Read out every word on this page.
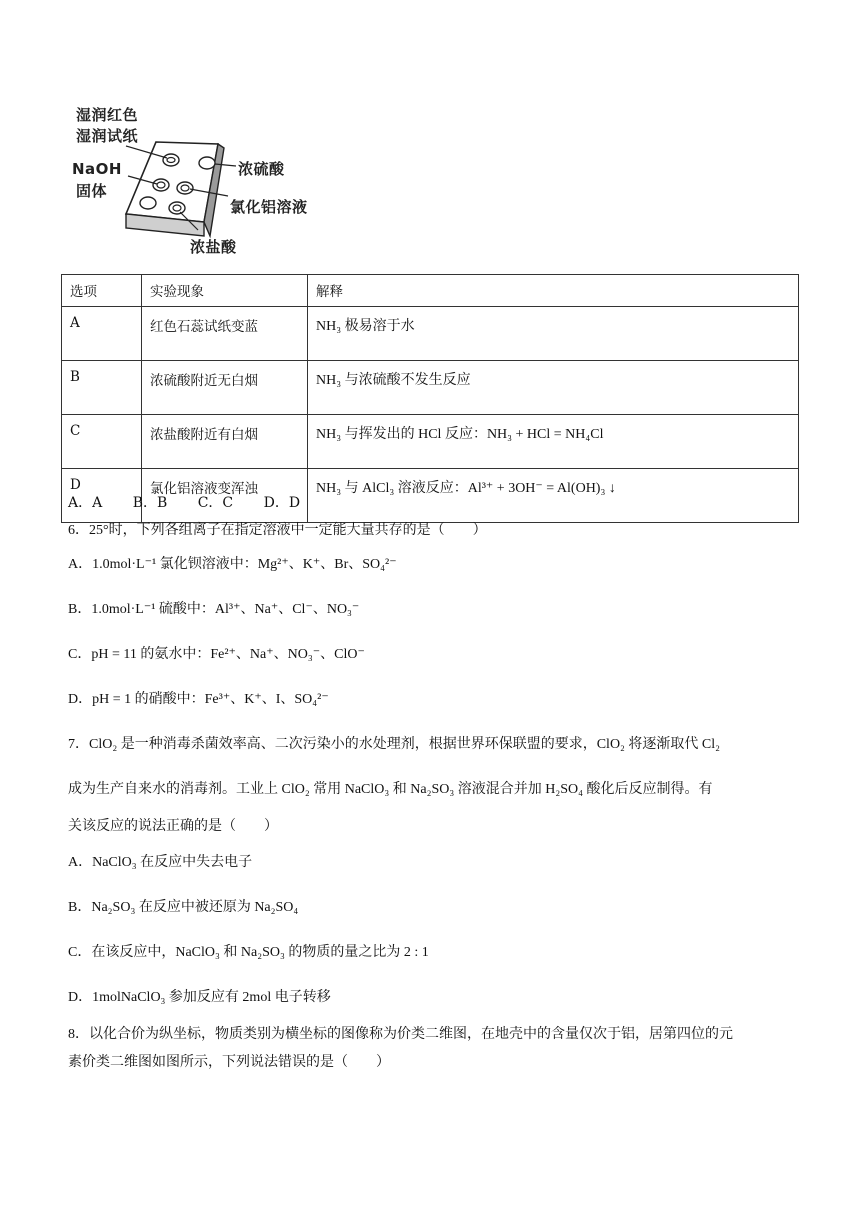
湿润红色
湿润试纸
NaOH
固体
浓硫酸
氯化铝溶液
浓盐酸
选项	实验现象	解释
A	红色石蕊试纸变蓝	NH₃ 极易溶于水
B	浓硫酸附近无白烟	NH₃ 与浓硫酸不发生反应
C	浓盐酸附近有白烟	NH₃ 与挥发出的 HCl 反应：NH₃ + HCl = NH₄Cl
D	氯化铝溶液变浑浊	NH₃ 与 AlCl₃ 溶液反应：Al³⁺ + 3OH⁻ = Al(OH)₃ ↓
A．A B．B C．C D．D
6．25°时，下列各组离子在指定溶液中一定能大量共存的是（　　）
A．1.0mol·L⁻¹ 氯化钡溶液中：Mg²⁺、K⁺、Br、SO₄²⁻
B．1.0mol·L⁻¹ 硫酸中：Al³⁺、Na⁺、Cl⁻、NO₃⁻
C．pH = 11 的氨水中：Fe²⁺、Na⁺、NO₃⁻、ClO⁻
D．pH = 1 的硝酸中：Fe³⁺、K⁺、I、SO₄²⁻
7．ClO₂ 是一种消毒杀菌效率高、二次污染小的水处理剂，根据世界环保联盟的要求，ClO₂ 将逐渐取代 Cl₂
成为生产自来水的消毒剂。工业上 ClO₂ 常用 NaClO₃ 和 Na₂SO₃ 溶液混合并加 H₂SO₄ 酸化后反应制得。有
关该反应的说法正确的是（　　）
A．NaClO₃ 在反应中失去电子
B．Na₂SO₃ 在反应中被还原为 Na₂SO₄
C．在该反应中，NaClO₃ 和 Na₂SO₃ 的物质的量之比为 2 : 1
D．1molNaClO₃ 参加反应有 2mol 电子转移
8．以化合价为纵坐标，物质类别为横坐标的图像称为价类二维图，在地壳中的含量仅次于铝，居第四位的元
素价类二维图如图所示，下列说法错误的是（　　）
